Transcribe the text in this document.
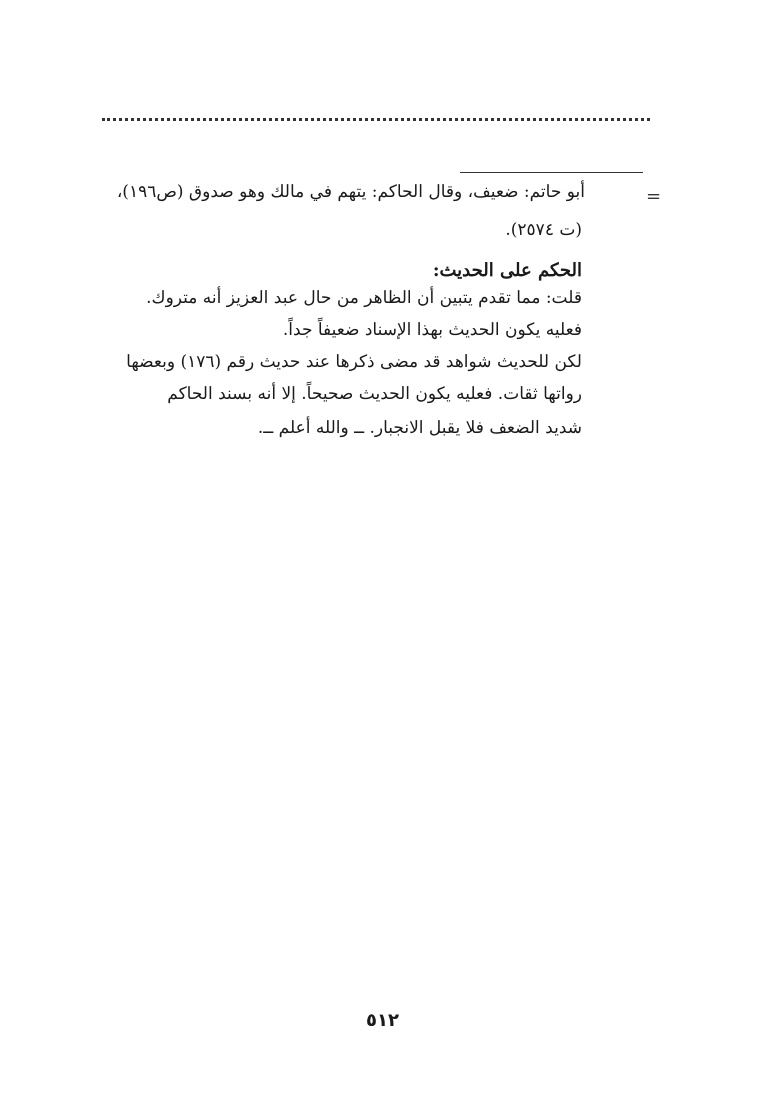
=
أبو حاتم: ضعيف، وقال الحاكم: يتهم في مالك وهو صدوق (ص١٩٦)،
(ت ٢٥٧٤).
الحكم على الحديث:
قلت: مما تقدم يتبين أن الظاهر من حال عبد العزيز أنه متروك.
فعليه يكون الحديث بهذا الإسناد ضعيفاً جداً.
لكن للحديث شواهد قد مضى ذكرها عند حديث رقم (١٧٦) وبعضها
رواتها ثقات. فعليه يكون الحديث صحيحاً. إلا أنه بسند الحاكم
شديد الضعف فلا يقبل الانجبار. ــ والله أعلم ــ.
٥١٢
